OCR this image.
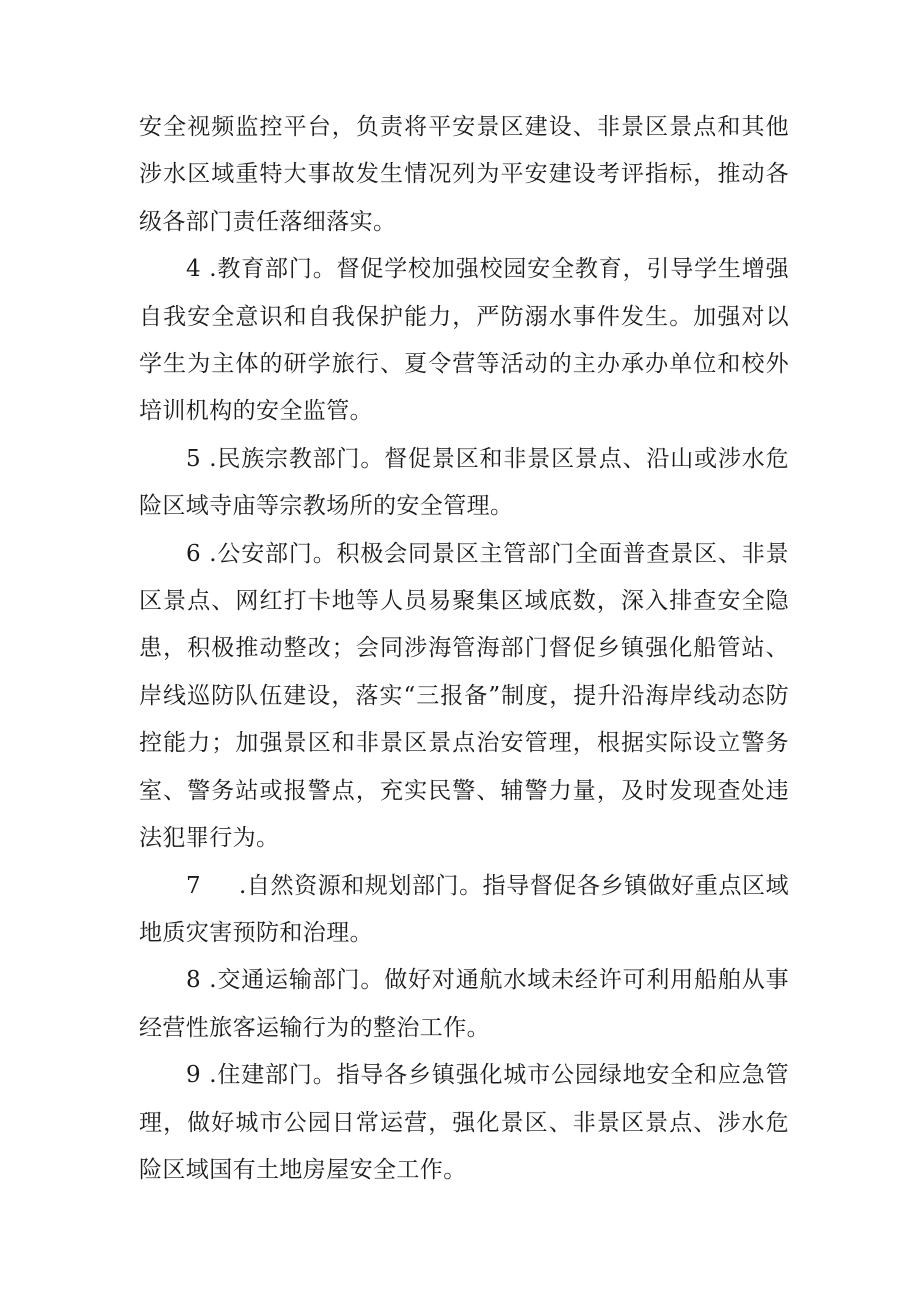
安全视频监控平台，负责将平安景区建设、非景区景点和其他涉水区域重特大事故发生情况列为平安建设考评指标，推动各级各部门责任落细落实。

4 .教育部门。督促学校加强校园安全教育，引导学生增强自我安全意识和自我保护能力，严防溺水事件发生。加强对以学生为主体的研学旅行、夏令营等活动的主办承办单位和校外培训机构的安全监管。

5 .民族宗教部门。督促景区和非景区景点、沿山或涉水危险区域寺庙等宗教场所的安全管理。

6 .公安部门。积极会同景区主管部门全面普查景区、非景区景点、网红打卡地等人员易聚集区域底数，深入排查安全隐患，积极推动整改；会同涉海管海部门督促乡镇强化船管站、岸线巡防队伍建设，落实“三报备”制度，提升沿海岸线动态防控能力；加强景区和非景区景点治安管理，根据实际设立警务室、警务站或报警点，充实民警、辅警力量，及时发现查处违法犯罪行为。

7 .自然资源和规划部门。指导督促各乡镇做好重点区域地质灾害预防和治理。

8 .交通运输部门。做好对通航水域未经许可利用船舶从事经营性旅客运输行为的整治工作。

9 .住建部门。指导各乡镇强化城市公园绿地安全和应急管理，做好城市公园日常运营，强化景区、非景区景点、涉水危险区域国有土地房屋安全工作。
